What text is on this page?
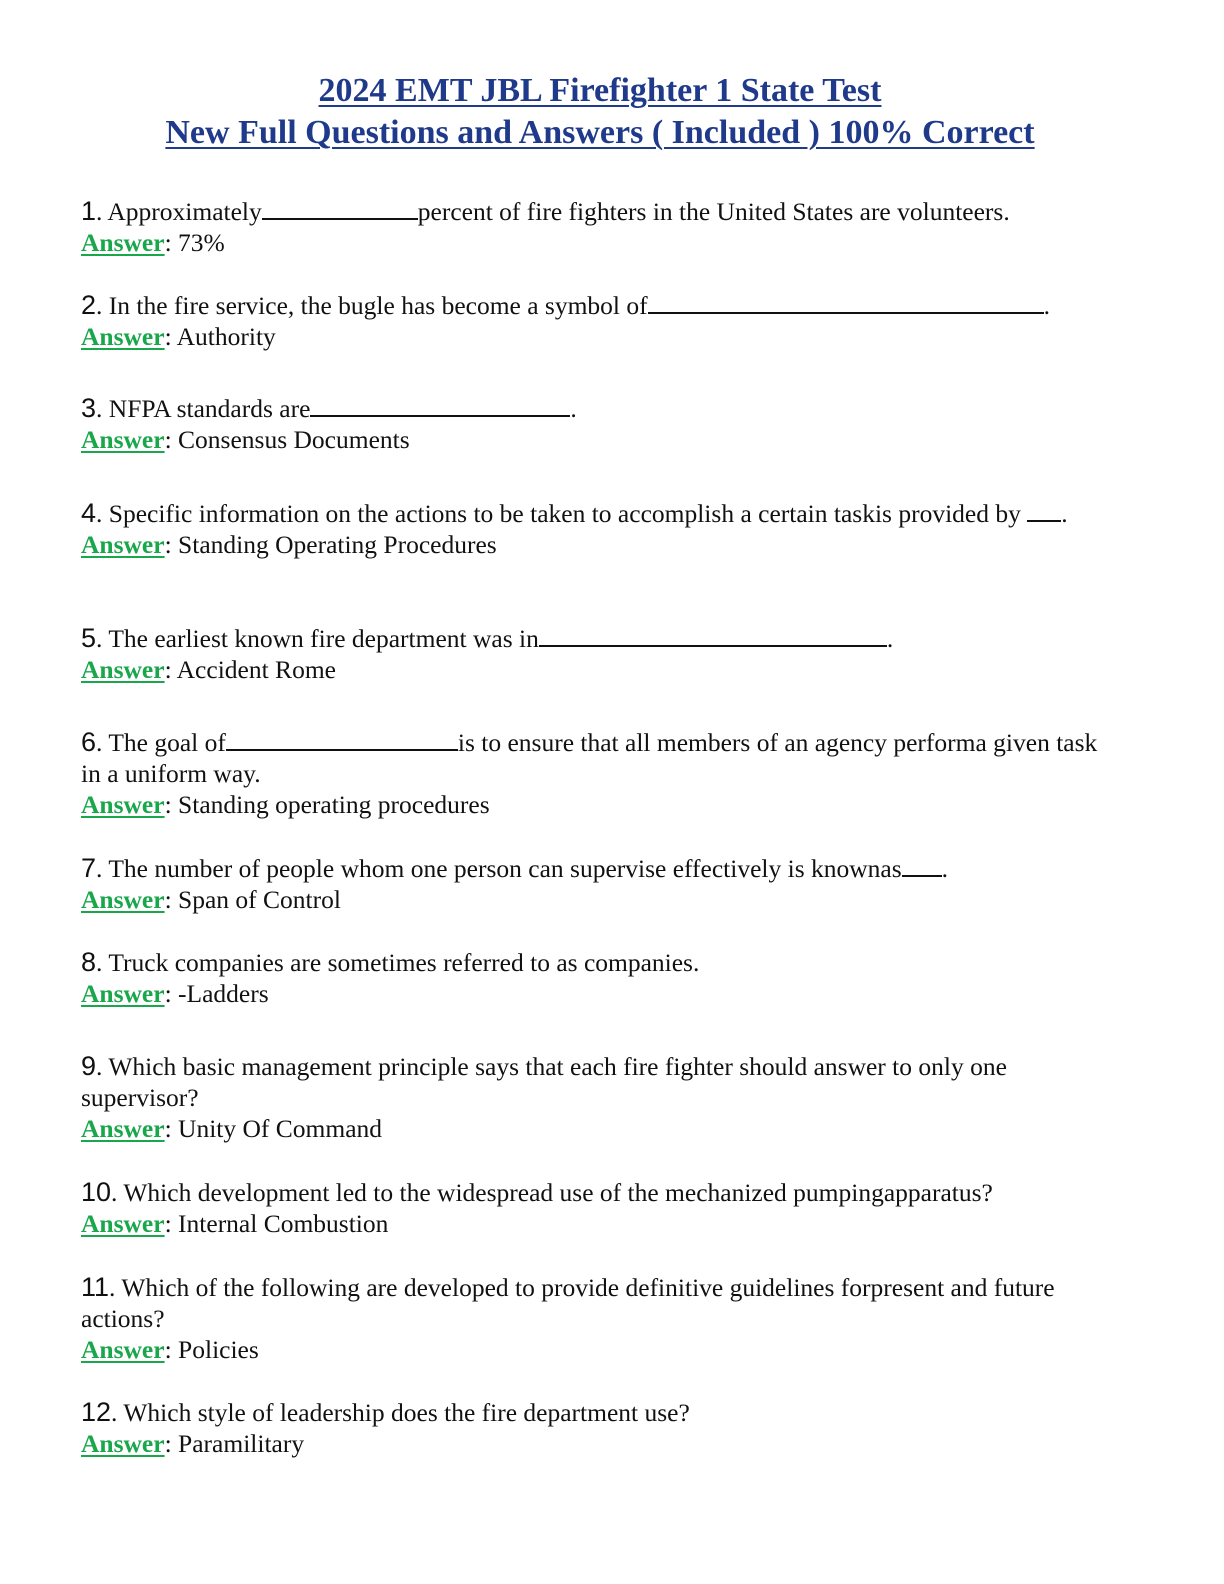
2024 EMT JBL Firefighter 1 State Test

New Full Questions and Answers ( Included ) 100% Correct

1. Approximately	percent of fire fighters in the United States are volunteers.

Answer: 73%

2. In the fire service, the bugle has become a symbol of	.

Answer: Authority

3. NFPA standards are	.

Answer: Consensus Documents

4. Specific information on the actions to be taken to accomplish a certain taskis provided by .

Answer: Standing Operating Procedures

5. The earliest known fire department was in	.

Answer: Accident Rome

6. The goal of	is to ensure that all members of an agency performa given task in a uniform way.

Answer: Standing operating procedures

7. The number of people whom one person can supervise effectively is knownas .

Answer: Span of Control

8. Truck companies are sometimes referred to as companies.

Answer: -Ladders

9. Which basic management principle says that each fire fighter should answer to only one supervisor?

Answer: Unity Of Command

10. Which development led to the widespread use of the mechanized pumpingapparatus?

Answer: Internal Combustion

11. Which of the following are developed to provide definitive guidelines forpresent and future actions?

Answer: Policies

12. Which style of leadership does the fire department use?

Answer: Paramilitary
